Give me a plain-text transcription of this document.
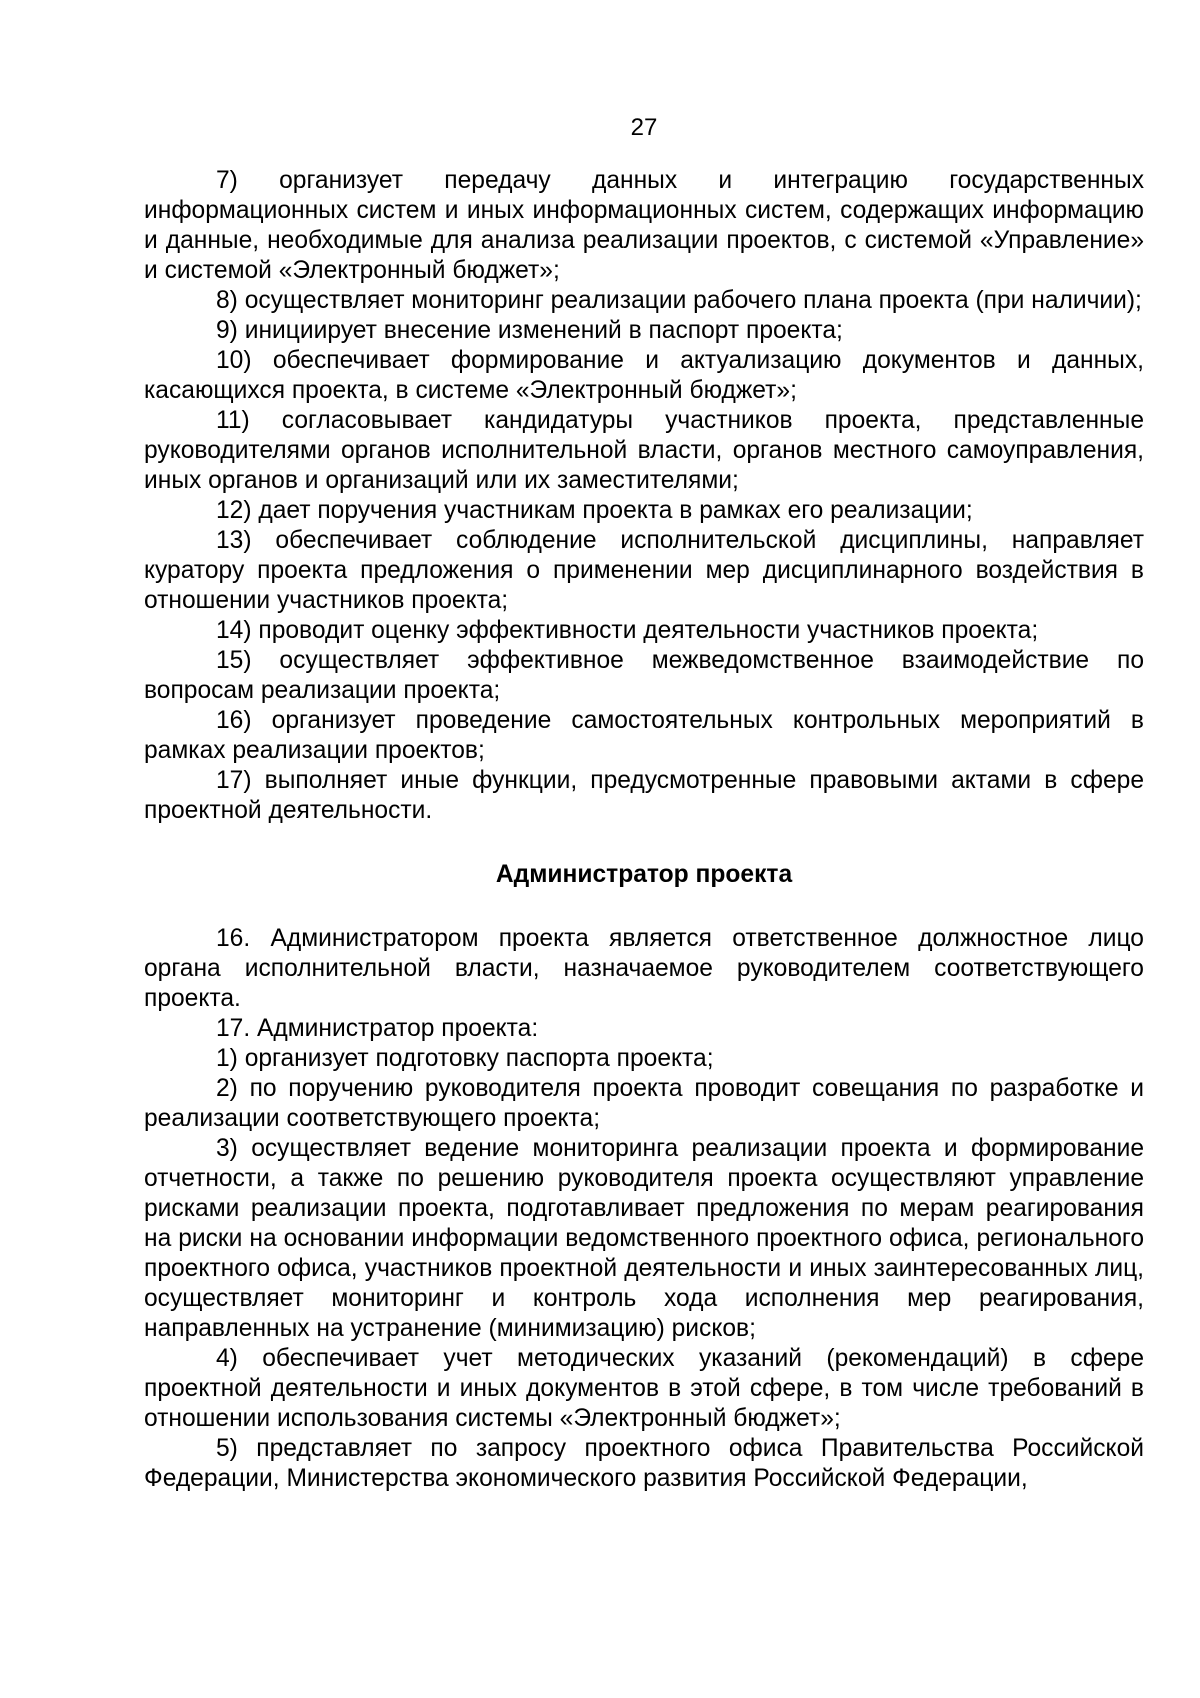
27

7) организует передачу данных и интеграцию государственных информационных систем и иных информационных систем, содержащих информацию и данные, необходимые для анализа реализации проектов, с системой «Управление» и системой «Электронный бюджет»;

8) осуществляет мониторинг реализации рабочего плана проекта (при наличии);

9) инициирует внесение изменений в паспорт проекта;

10) обеспечивает формирование и актуализацию документов и данных, касающихся проекта, в системе «Электронный бюджет»;

11) согласовывает кандидатуры участников проекта, представленные руководителями органов исполнительной власти, органов местного самоуправления, иных органов и организаций или их заместителями;

12) дает поручения участникам проекта в рамках его реализации;

13) обеспечивает соблюдение исполнительской дисциплины, направляет куратору проекта предложения о применении мер дисциплинарного воздействия в отношении участников проекта;

14) проводит оценку эффективности деятельности участников проекта;

15) осуществляет эффективное межведомственное взаимодействие по вопросам реализации проекта;

16) организует проведение самостоятельных контрольных мероприятий в рамках реализации проектов;

17) выполняет иные функции, предусмотренные правовыми актами в сфере проектной деятельности.

Администратор проекта

16. Администратором проекта является ответственное должностное лицо органа исполнительной власти, назначаемое руководителем соответствующего проекта.

17. Администратор проекта:

1) организует подготовку паспорта проекта;

2) по поручению руководителя проекта проводит совещания по разработке и реализации соответствующего проекта;

3) осуществляет ведение мониторинга реализации проекта и формирование отчетности, а также по решению руководителя проекта осуществляют управление рисками реализации проекта, подготавливает предложения по мерам реагирования на риски на основании информации ведомственного проектного офиса, регионального проектного офиса, участников проектной деятельности и иных заинтересованных лиц, осуществляет мониторинг и контроль хода исполнения мер реагирования, направленных на устранение (минимизацию) рисков;

4) обеспечивает учет методических указаний (рекомендаций) в сфере проектной деятельности и иных документов в этой сфере, в том числе требований в отношении использования системы «Электронный бюджет»;

5) представляет по запросу проектного офиса Правительства Российской Федерации, Министерства экономического развития Российской Федерации,
